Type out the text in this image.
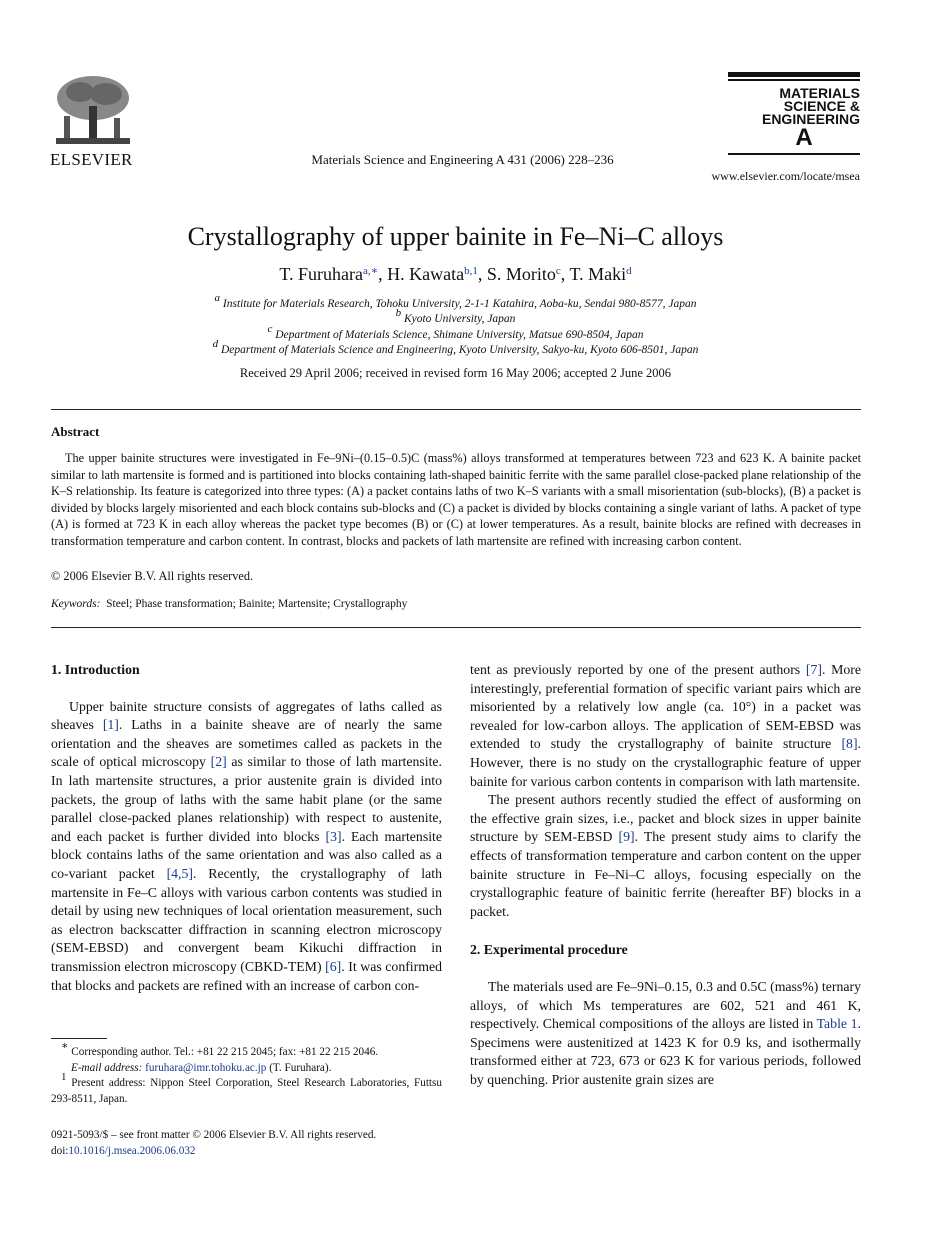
ELSEVIER	Materials Science and Engineering A 431 (2006) 228–236
MATERIALS
SCIENCE &
ENGINEERING
A
www.elsevier.com/locate/msea
Crystallography of upper bainite in Fe–Ni–C alloys
T. Furuhara$^{a,∗}$, H. Kawata$^{b,1}$, S. Morito$^c$, T. Maki$^d$
$^a$ Institute for Materials Research, Tohoku University, 2-1-1 Katahira, Aoba-ku, Sendai 980-8577, Japan
$^b$ Kyoto University, Japan
$^c$ Department of Materials Science, Shimane University, Matsue 690-8504, Japan
$^d$ Department of Materials Science and Engineering, Kyoto University, Sakyo-ku, Kyoto 606-8501, Japan
Received 29 April 2006; received in revised form 16 May 2006; accepted 2 June 2006
Abstract
The upper bainite structures were investigated in Fe–9Ni–(0.15–0.5)C (mass%) alloys transformed at temperatures between 723 and 623 K. A bainite packet similar to lath martensite is formed and is partitioned into blocks containing lath-shaped bainitic ferrite with the same parallel close-packed plane relationship of the K–S relationship. Its feature is categorized into three types: (A) a packet contains laths of two K–S variants with a small misorientation (sub-blocks), (B) a packet is divided by blocks largely misoriented and each block contains sub-blocks and (C) a packet is divided by blocks containing a single variant of laths. A packet of type (A) is formed at 723 K in each alloy whereas the packet type becomes (B) or (C) at lower temperatures. As a result, bainite blocks are refined with decreases in transformation temperature and carbon content. In contrast, blocks and packets of lath martensite are refined with increasing carbon content.
© 2006 Elsevier B.V. All rights reserved.
Keywords: Steel; Phase transformation; Bainite; Martensite; Crystallography
1. Introduction

Upper bainite structure consists of aggregates of laths called as sheaves [1]. Laths in a bainite sheave are of nearly the same orientation and the sheaves are sometimes called as packets in the scale of optical microscopy [2] as similar to those of lath martensite. In lath martensite structures, a prior austenite grain is divided into packets, the group of laths with the same habit plane (or the same parallel close-packed planes relationship) with respect to austenite, and each packet is further divided into blocks [3]. Each martensite block contains laths of the same orientation and was also called as a co-variant packet [4,5]. Recently, the crystallography of lath martensite in Fe–C alloys with various carbon contents was studied in detail by using new techniques of local orientation measurement, such as electron backscatter diffraction in scanning electron microscopy (SEM-EBSD) and convergent beam Kikuchi diffraction in transmission electron microscopy (CBKD-TEM) [6]. It was confirmed that blocks and packets are refined with an increase of carbon con-

∗ Corresponding author. Tel.: +81 22 215 2045; fax: +81 22 215 2046.
E-mail address: furuhara@imr.tohoku.ac.jp (T. Furuhara).
$^1$ Present address: Nippon Steel Corporation, Steel Research Laboratories, Futtsu 293-8511, Japan.
0921-5093/$ – see front matter © 2006 Elsevier B.V. All rights reserved.
doi:10.1016/j.msea.2006.06.032

tent as previously reported by one of the present authors [7]. More interestingly, preferential formation of specific variant pairs which are misoriented by a relatively low angle (ca. 10°) in a packet was revealed for low-carbon alloys. The application of SEM-EBSD was extended to study the crystallography of bainite structure [8]. However, there is no study on the crystallographic feature of upper bainite for various carbon contents in comparison with lath martensite.

The present authors recently studied the effect of ausforming on the effective grain sizes, i.e., packet and block sizes in upper bainite structure by SEM-EBSD [9]. The present study aims to clarify the effects of transformation temperature and carbon content on the upper bainite structure in Fe–Ni–C alloys, focusing especially on the crystallographic feature of bainitic ferrite (hereafter BF) blocks in a packet.

2. Experimental procedure

The materials used are Fe–9Ni–0.15, 0.3 and 0.5C (mass%) ternary alloys, of which Ms temperatures are 602, 521 and 461 K, respectively. Chemical compositions of the alloys are listed in Table 1. Specimens were austenitized at 1423 K for 0.9 ks, and isothermally transformed either at 723, 673 or 623 K for various periods, followed by quenching. Prior austenite grain sizes are
